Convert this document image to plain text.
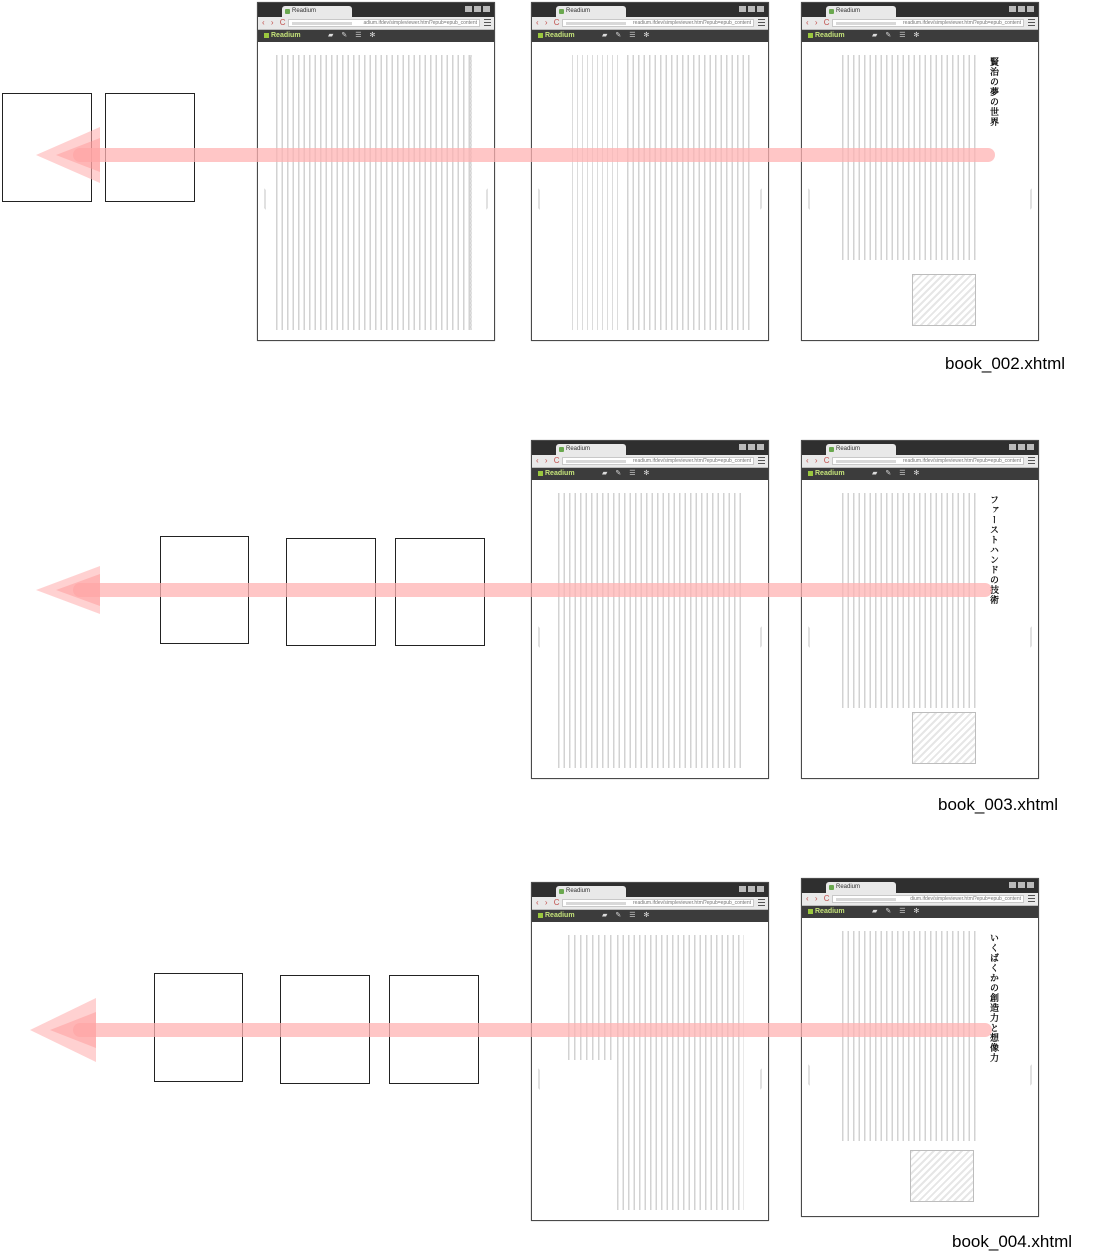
Readium
‹ › C	adium.ifdev/simpleviewer.html?epub=epub_content
Readium	▰ ✎ ☰ ✻
Readium
‹ › C	readium.ifdev/simpleviewer.html?epub=epub_content
Readium	▰ ✎ ☰ ✻
Readium
‹ › C	readium.ifdev/simpleviewer.html?epub=epub_content
Readium	▰ ✎ ☰ ✻
賢治の夢の世界
book_002.xhtml
Readium
‹ › C	readium.ifdev/simpleviewer.html?epub=epub_content
Readium	▰ ✎ ☰ ✻
Readium
‹ › C	readium.ifdev/simpleviewer.html?epub=epub_content
Readium	▰ ✎ ☰ ✻
ファーストハンドの技術
book_003.xhtml
Readium
‹ › C	readium.ifdev/simpleviewer.html?epub=epub_content
Readium	▰ ✎ ☰ ✻
Readium
‹ › C	dium.ifdev/simpleviewer.html?epub=epub_content
Readium	▰ ✎ ☰ ✻
いくばくかの創造力と想像力
book_004.xhtml
